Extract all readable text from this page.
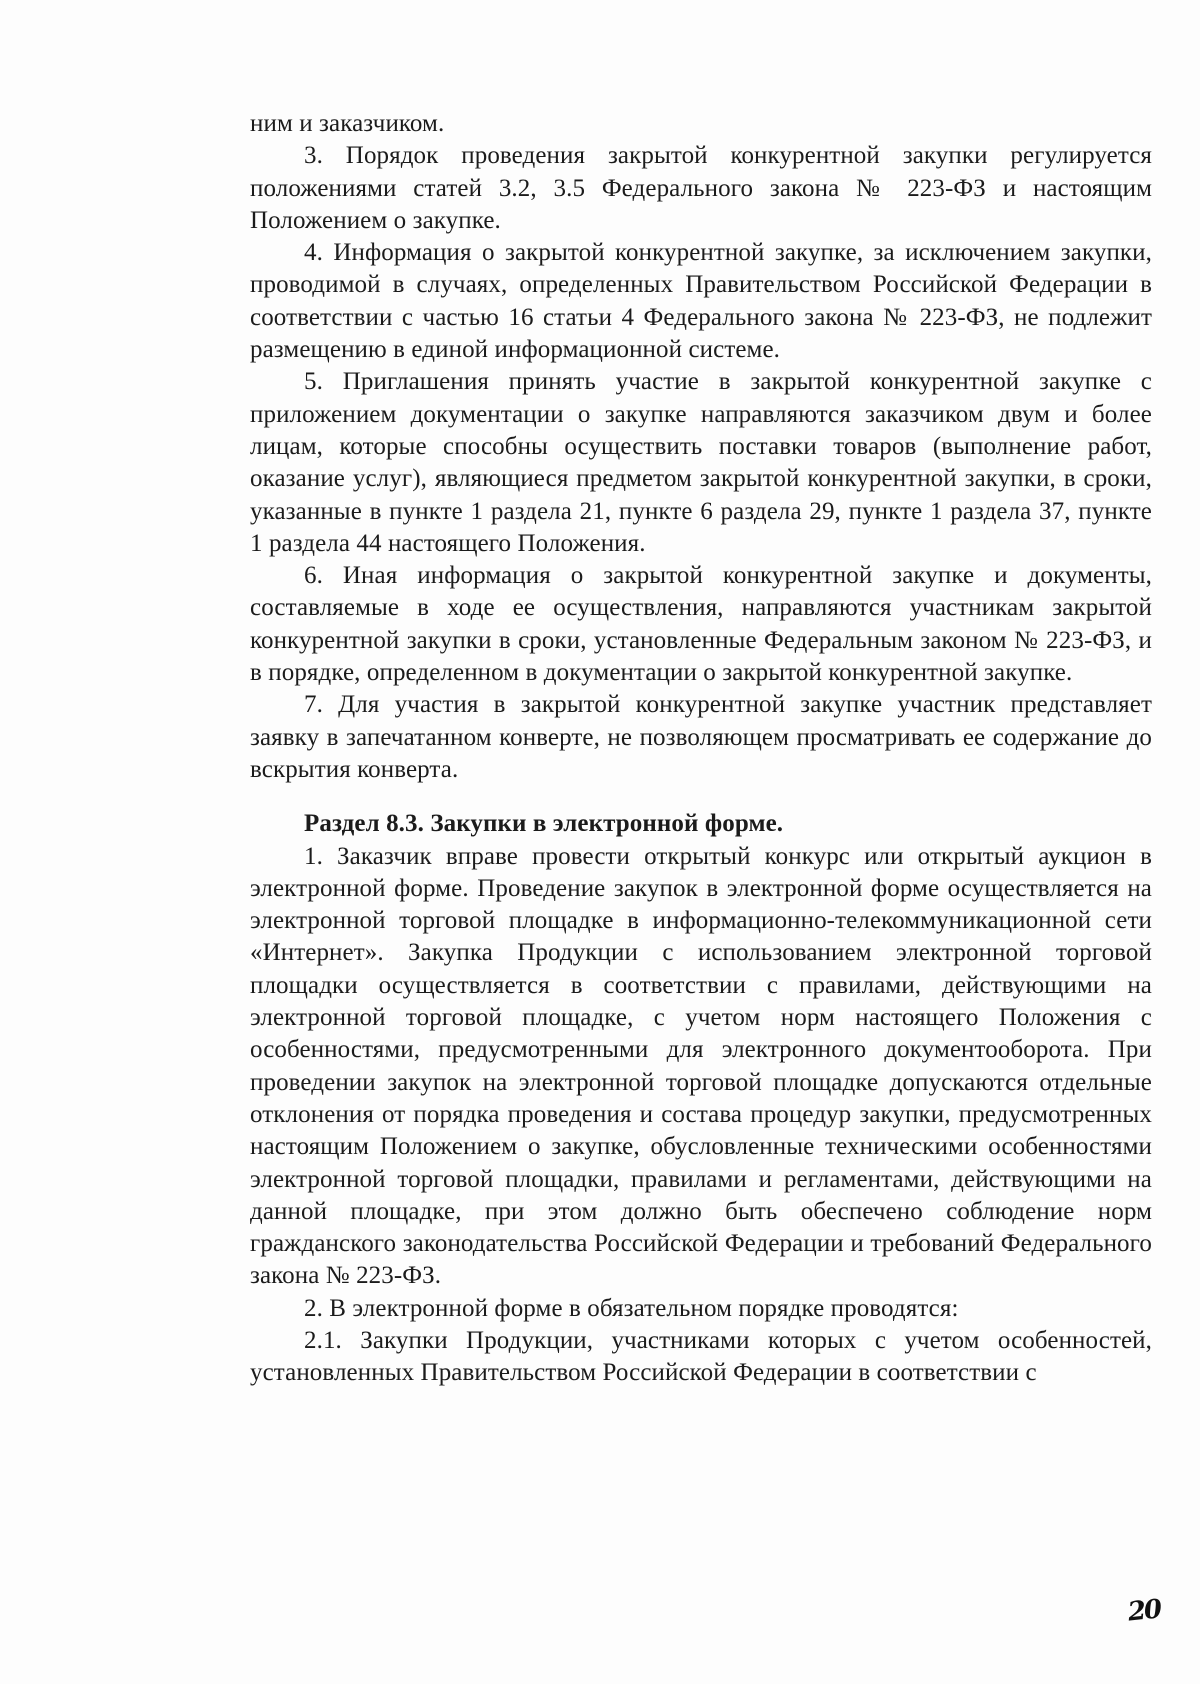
ним и заказчиком.

3. Порядок проведения закрытой конкурентной закупки регулируется положениями статей 3.2, 3.5 Федерального закона № 223-ФЗ и настоящим Положением о закупке.

4. Информация о закрытой конкурентной закупке, за исключением закупки, проводимой в случаях, определенных Правительством Российской Федерации в соответствии с частью 16 статьи 4 Федерального закона № 223-ФЗ, не подлежит размещению в единой информационной системе.

5. Приглашения принять участие в закрытой конкурентной закупке с приложением документации о закупке направляются заказчиком двум и более лицам, которые способны осуществить поставки товаров (выполнение работ, оказание услуг), являющиеся предметом закрытой конкурентной закупки, в сроки, указанные в пункте 1 раздела 21, пункте 6 раздела 29, пункте 1 раздела 37, пункте 1 раздела 44 настоящего Положения.

6. Иная информация о закрытой конкурентной закупке и документы, составляемые в ходе ее осуществления, направляются участникам закрытой конкурентной закупки в сроки, установленные Федеральным законом № 223-ФЗ, и в порядке, определенном в документации о закрытой конкурентной закупке.

7. Для участия в закрытой конкурентной закупке участник представляет заявку в запечатанном конверте, не позволяющем просматривать ее содержание до вскрытия конверта.

Раздел 8.3. Закупки в электронной форме.

1. Заказчик вправе провести открытый конкурс или открытый аукцион в электронной форме. Проведение закупок в электронной форме осуществляется на электронной торговой площадке в информационно-телекоммуникационной сети «Интернет». Закупка Продукции с использованием электронной торговой площадки осуществляется в соответствии с правилами, действующими на электронной торговой площадке, с учетом норм настоящего Положения с особенностями, предусмотренными для электронного документооборота. При проведении закупок на электронной торговой площадке допускаются отдельные отклонения от порядка проведения и состава процедур закупки, предусмотренных настоящим Положением о закупке, обусловленные техническими особенностями электронной торговой площадки, правилами и регламентами, действующими на данной площадке, при этом должно быть обеспечено соблюдение норм гражданского законодательства Российской Федерации и требований Федерального закона № 223-ФЗ.

2. В электронной форме в обязательном порядке проводятся:

2.1. Закупки Продукции, участниками которых с учетом особенностей, установленных Правительством Российской Федерации в соответствии с

20
